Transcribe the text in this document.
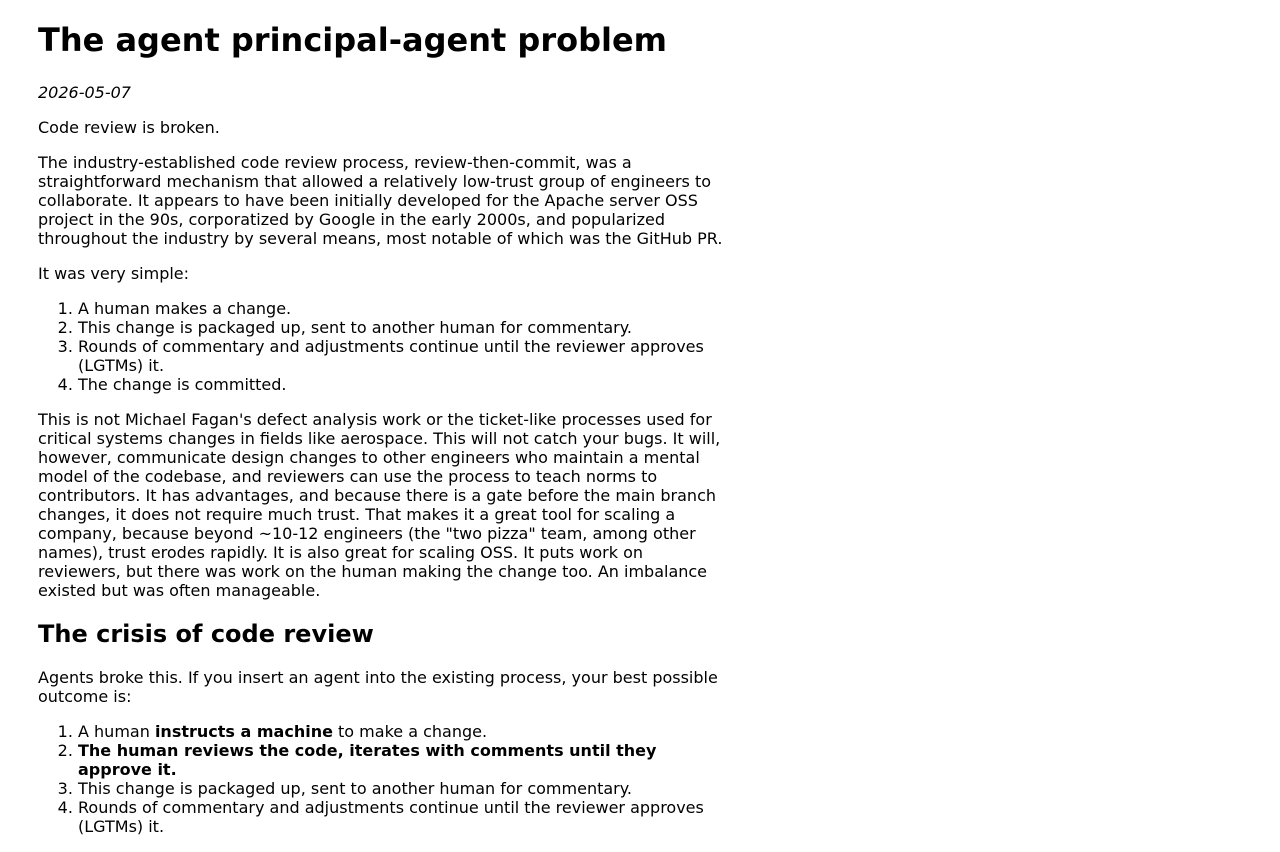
The agent principal-agent problem

2026-05-07

Code review is broken.

The industry-established code review process, review-then-commit, was a straightforward mechanism that allowed a relatively low-trust group of engineers to collaborate. It appears to have been initially developed for the Apache server OSS project in the 90s, corporatized by Google in the early 2000s, and popularized throughout the industry by several means, most notable of which was the GitHub PR.

It was very simple:

1. A human makes a change.
2. This change is packaged up, sent to another human for commentary.
3. Rounds of commentary and adjustments continue until the reviewer approves (LGTMs) it.
4. The change is committed.

This is not Michael Fagan's defect analysis work or the ticket-like processes used for critical systems changes in fields like aerospace. This will not catch your bugs. It will, however, communicate design changes to other engineers who maintain a mental model of the codebase, and reviewers can use the process to teach norms to contributors. It has advantages, and because there is a gate before the main branch changes, it does not require much trust. That makes it a great tool for scaling a company, because beyond ~10-12 engineers (the "two pizza" team, among other names), trust erodes rapidly. It is also great for scaling OSS. It puts work on reviewers, but there was work on the human making the change too. An imbalance existed but was often manageable.

The crisis of code review

Agents broke this. If you insert an agent into the existing process, your best possible outcome is:

1. A human instructs a machine to make a change.
2. The human reviews the code, iterates with comments until they approve it.
3. This change is packaged up, sent to another human for commentary.
4. Rounds of commentary and adjustments continue until the reviewer approves (LGTMs) it.
